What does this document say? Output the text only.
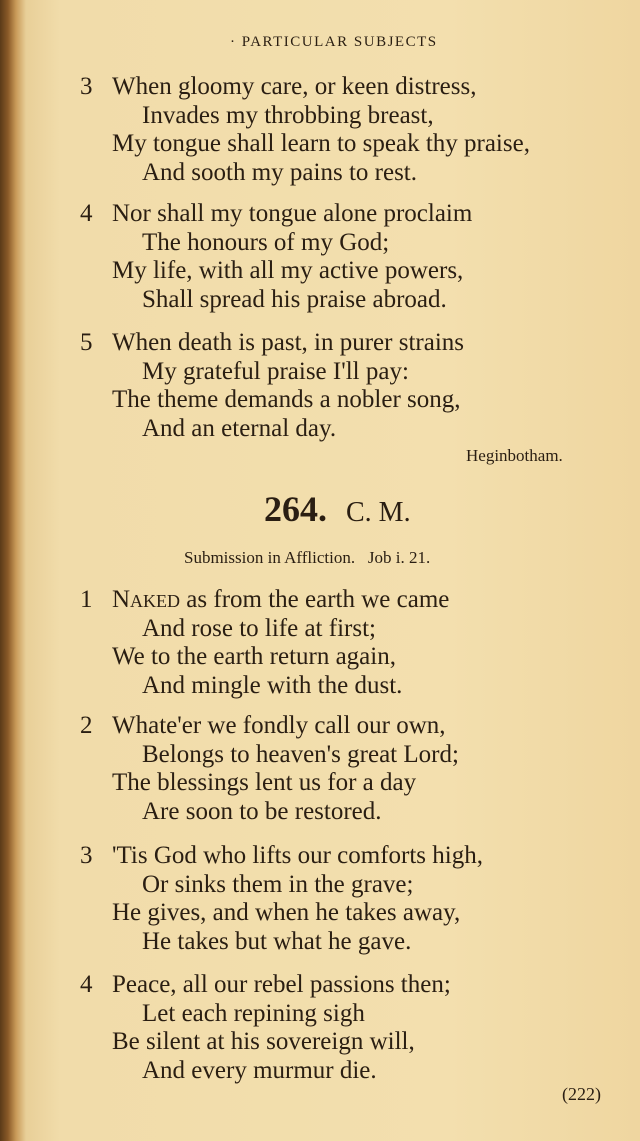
· PARTICULAR SUBJECTS
3 When gloomy care, or keen distress,
Invades my throbbing breast,
My tongue shall learn to speak thy praise,
And sooth my pains to rest.
4 Nor shall my tongue alone proclaim
The honours of my God;
My life, with all my active powers,
Shall spread his praise abroad.
5 When death is past, in purer strains
My grateful praise I'll pay:
The theme demands a nobler song,
And an eternal day.
Heginbotham.
264. C. M.
Submission in Affliction.   Job i. 21.
1 Naked as from the earth we came
And rose to life at first;
We to the earth return again,
And mingle with the dust.
2 Whate'er we fondly call our own,
Belongs to heaven's great Lord;
The blessings lent us for a day
Are soon to be restored.
3 'Tis God who lifts our comforts high,
Or sinks them in the grave;
He gives, and when he takes away,
He takes but what he gave.
4 Peace, all our rebel passions then;
Let each repining sigh
Be silent at his sovereign will,
And every murmur die.
(222)
